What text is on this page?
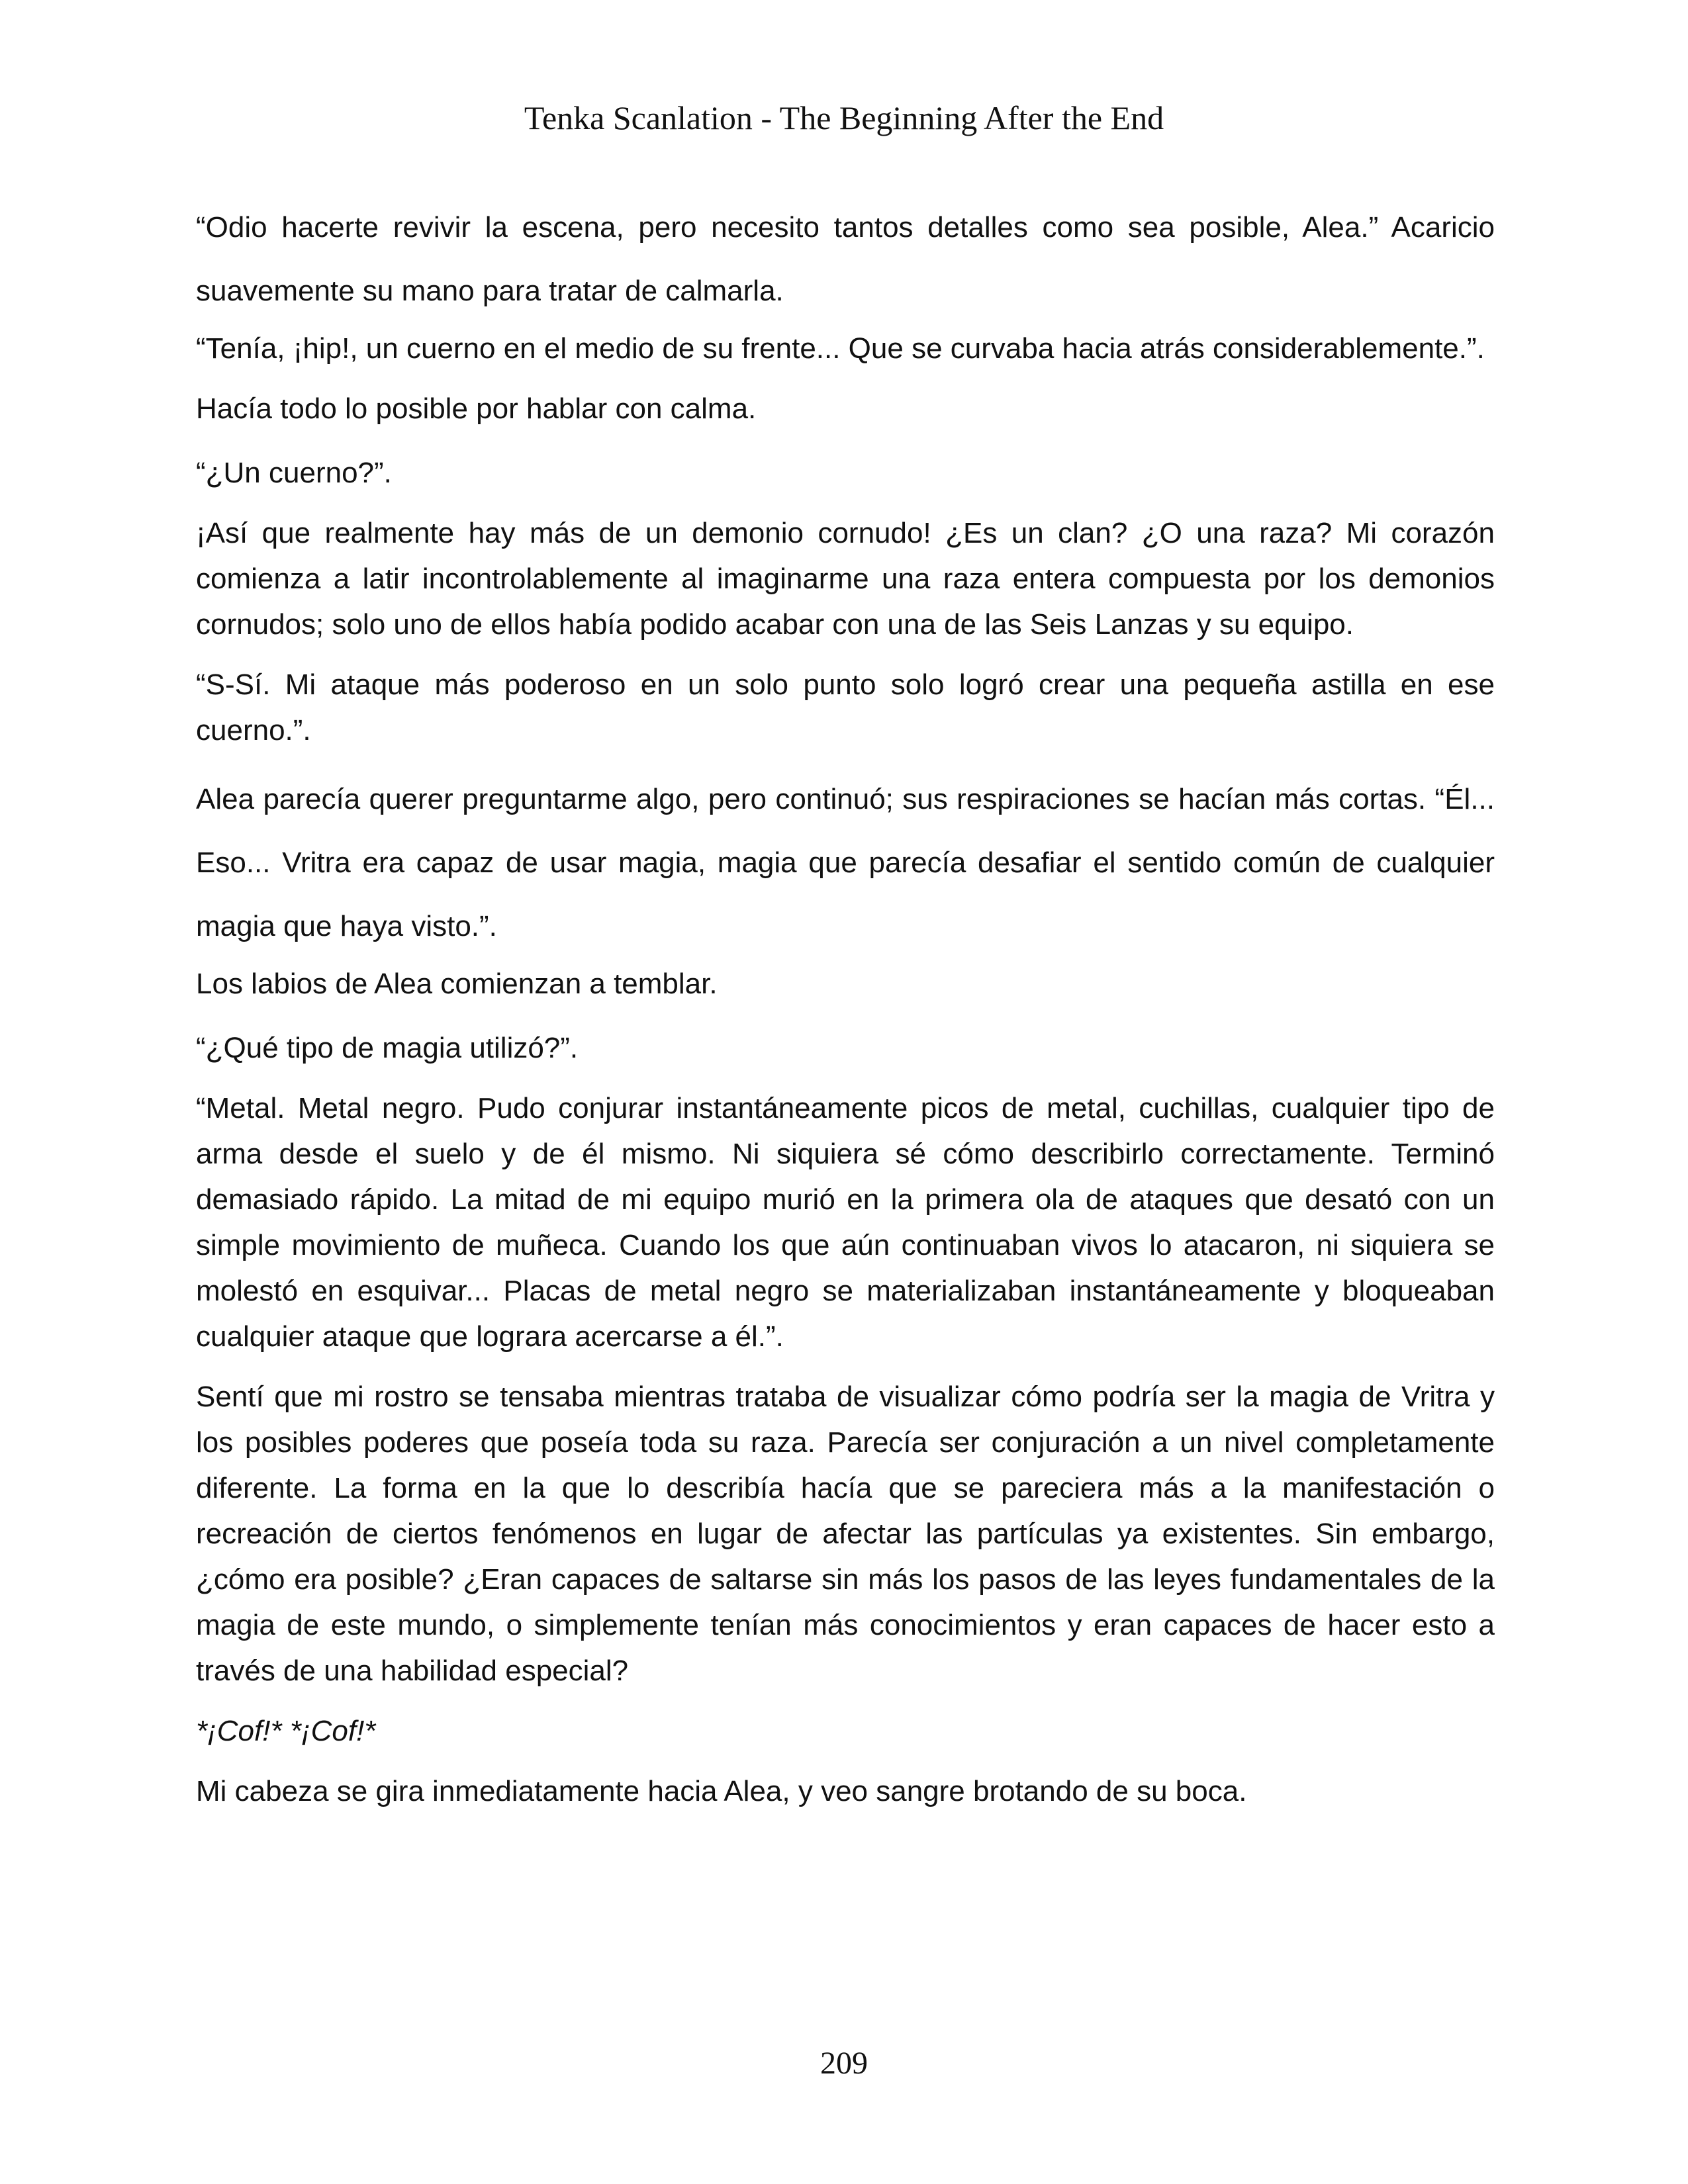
Tenka Scanlation - The Beginning After the End

“Odio hacerte revivir la escena, pero necesito tantos detalles como sea posible, Alea.” Acaricio suavemente su mano para tratar de calmarla.

“Tenía, ¡hip!, un cuerno en el medio de su frente... Que se curvaba hacia atrás considerablemente.”.

Hacía todo lo posible por hablar con calma.

“¿Un cuerno?”.

¡Así que realmente hay más de un demonio cornudo! ¿Es un clan? ¿O una raza? Mi corazón comienza a latir incontrolablemente al imaginarme una raza entera compuesta por los demonios cornudos; solo uno de ellos había podido acabar con una de las Seis Lanzas y su equipo.

“S-Sí. Mi ataque más poderoso en un solo punto solo logró crear una pequeña astilla en ese cuerno.”.

Alea parecía querer preguntarme algo, pero continuó; sus respiraciones se hacían más cortas. “Él... Eso... Vritra era capaz de usar magia, magia que parecía desafiar el sentido común de cualquier magia que haya visto.”.

Los labios de Alea comienzan a temblar.

“¿Qué tipo de magia utilizó?”.

“Metal. Metal negro. Pudo conjurar instantáneamente picos de metal, cuchillas, cualquier tipo de arma desde el suelo y de él mismo. Ni siquiera sé cómo describirlo correctamente. Terminó demasiado rápido. La mitad de mi equipo murió en la primera ola de ataques que desató con un simple movimiento de muñeca. Cuando los que aún continuaban vivos lo atacaron, ni siquiera se molestó en esquivar... Placas de metal negro se materializaban instantáneamente y bloqueaban cualquier ataque que lograra acercarse a él.”.

Sentí que mi rostro se tensaba mientras trataba de visualizar cómo podría ser la magia de Vritra y los posibles poderes que poseía toda su raza. Parecía ser conjuración a un nivel completamente diferente. La forma en la que lo describía hacía que se pareciera más a la manifestación o recreación de ciertos fenómenos en lugar de afectar las partículas ya existentes. Sin embargo, ¿cómo era posible? ¿Eran capaces de saltarse sin más los pasos de las leyes fundamentales de la magia de este mundo, o simplemente tenían más conocimientos y eran capaces de hacer esto a través de una habilidad especial?

*¡Cof!* *¡Cof!*

Mi cabeza se gira inmediatamente hacia Alea, y veo sangre brotando de su boca.

209
